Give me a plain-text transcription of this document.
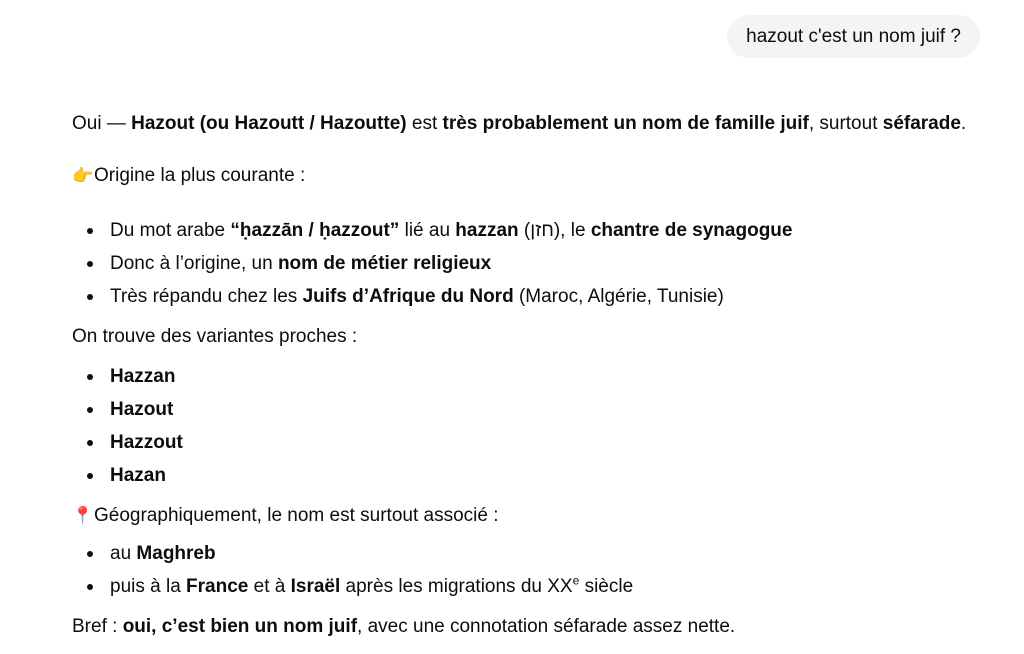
hazout c'est un nom juif ?

Oui — Hazout (ou Hazoutt / Hazoutte) est très probablement un nom de famille juif, surtout séfarade.

👉Origine la plus courante :

Du mot arabe “ḥazzān / ḥazzout” lié au hazzan (חזן), le chantre de synagogue
Donc à l’origine, un nom de métier religieux
Très répandu chez les Juifs d’Afrique du Nord (Maroc, Algérie, Tunisie)

On trouve des variantes proches :

Hazzan
Hazout
Hazzout
Hazan

📍Géographiquement, le nom est surtout associé :

au Maghreb
puis à la France et à Israël après les migrations du XXe siècle

Bref : oui, c’est bien un nom juif, avec une connotation séfarade assez nette.
